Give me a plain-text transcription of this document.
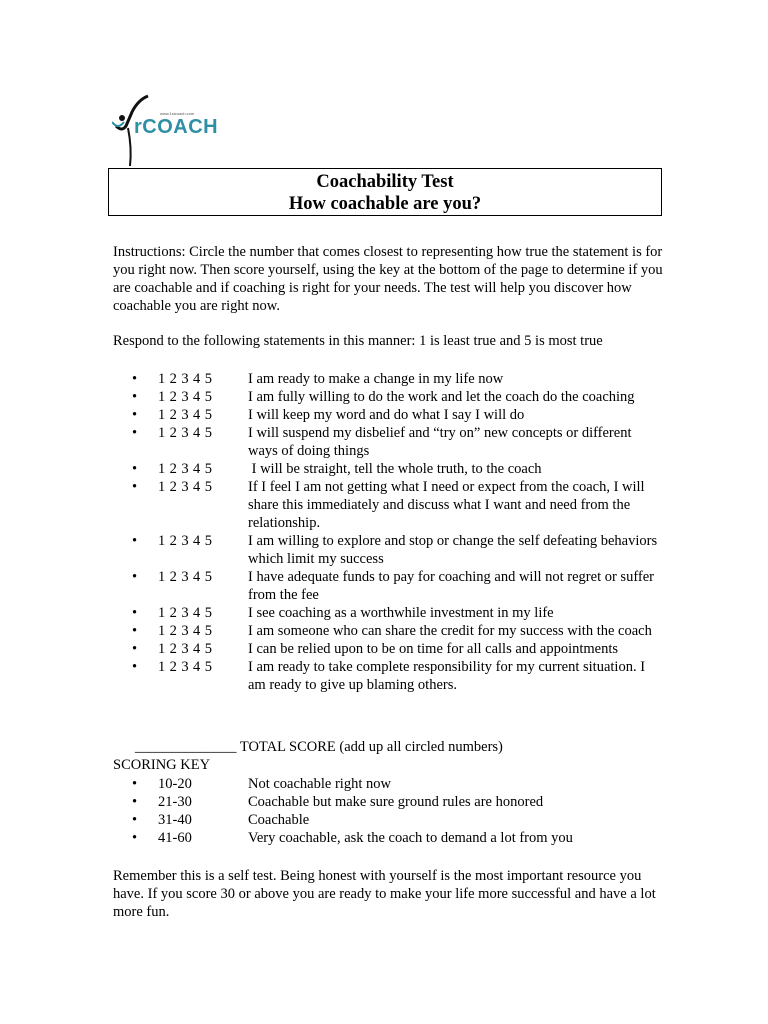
www.1stcoach.com
rCOACH
Coachability Test
How coachable are you?

Instructions: Circle the number that comes closest to representing how true the statement is for you right now. Then score yourself, using the key at the bottom of the page to determine if you are coachable and if coaching is right for your needs. The test will help you discover how coachable you are right now.

Respond to the following statements in this manner: 1 is least true and 5 is most true

• 1 2 3 4 5 I am ready to make a change in my life now
• 1 2 3 4 5 I am fully willing to do the work and let the coach do the coaching
• 1 2 3 4 5 I will keep my word and do what I say I will do
• 1 2 3 4 5 I will suspend my disbelief and “try on” new concepts or different ways of doing things
• 1 2 3 4 5 I will be straight, tell the whole truth, to the coach
• 1 2 3 4 5 If I feel I am not getting what I need or expect from the coach, I will share this immediately and discuss what I want and need from the relationship.
• 1 2 3 4 5 I am willing to explore and stop or change the self defeating behaviors which limit my success
• 1 2 3 4 5 I have adequate funds to pay for coaching and will not regret or suffer from the fee
• 1 2 3 4 5 I see coaching as a worthwhile investment in my life
• 1 2 3 4 5 I am someone who can share the credit for my success with the coach
• 1 2 3 4 5 I can be relied upon to be on time for all calls and appointments
• 1 2 3 4 5 I am ready to take complete responsibility for my current situation. I am ready to give up blaming others.
______________ TOTAL SCORE (add up all circled numbers)
SCORING KEY
• 10-20	Not coachable right now
• 21-30	Coachable but make sure ground rules are honored
• 31-40	Coachable
• 41-60	Very coachable, ask the coach to demand a lot from you

Remember this is a self test. Being honest with yourself is the most important resource you have. If you score 30 or above you are ready to make your life more successful and have a lot more fun.
